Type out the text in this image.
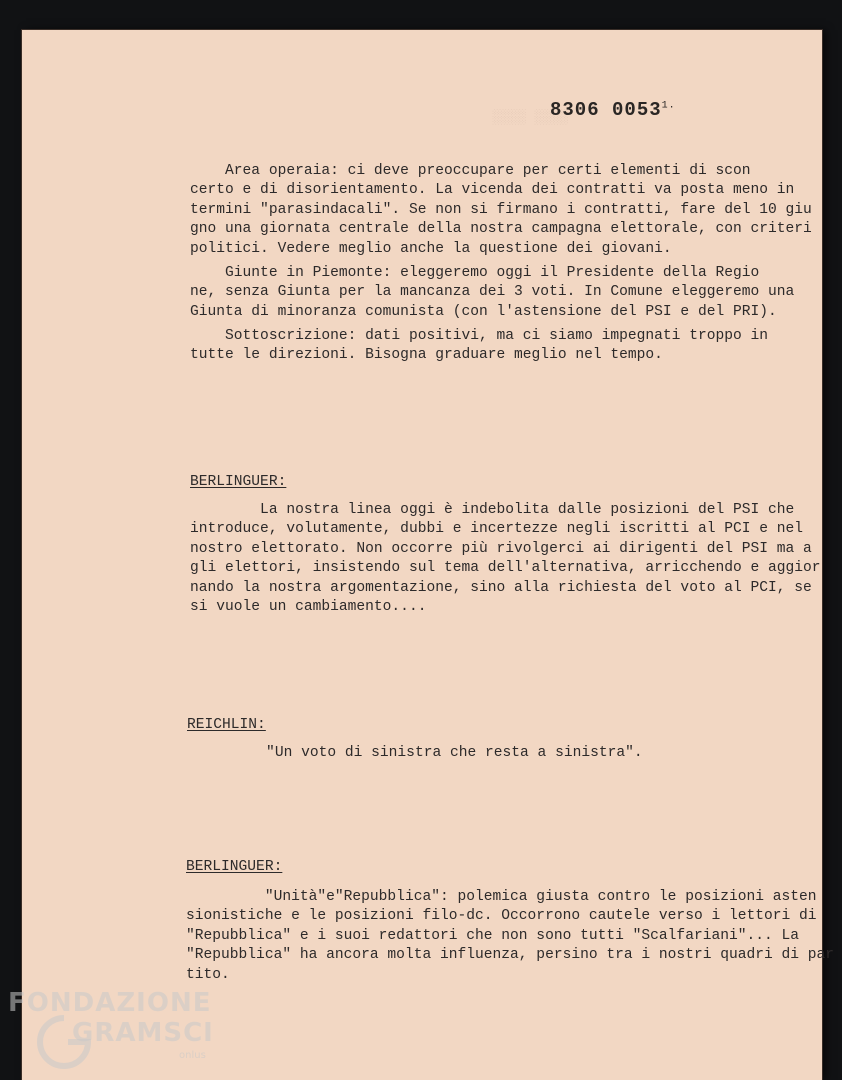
░░░░ ░░░░
8306 $0053^{1.}$
Area operaia: ci deve preoccupare per certi elementi di scon
certo e di disorientamento. La vicenda dei contratti va posta meno
termini "parasindacali". Se non si firmano i contratti, fare del 10
gno una giornata centrale della nostra campagna elettorale, con
politici. Vedere meglio anche la questione dei giovani.
Giunte in Piemonte: eleggeremo oggi il Presidente della Regio
ne, senza Giunta per la mancanza dei 3 voti. In Comune eleggeremo
Giunta di minoranza comunista (con l'astensione del PSI e del PRI).
Sottoscrizione: dati positivi, ma ci siamo impegnati troppo in
tutte le direzioni. Bisogna graduare meglio nel tempo.
BERLINGUER:
La nostra linea oggi è indebolita dalle posizioni del PSI
introduce, volutamente, dubbi e incertezze negli iscritti al PCI e
nostro elettorato. Non occorre più rivolgerci ai dirigenti del PSI
gli elettori, insistendo sul tema dell'alternativa, arricchendo e
nando la nostra argomentazione, sino alla richiesta del voto al PCI,
si vuole un cambiamento....
REICHLIN:
"Un voto di sinistra che resta a sinistra".
BERLINGUER:
"Unità"e"Repubblica": polemica giusta contro le posizioni
sionistiche e le posizioni filo-dc. Occorrono cautele verso i lettori
"Repubblica" e i suoi redattori che non sono tutti "Scalfariani"...
"Repubblica" ha ancora molta influenza, persino tra i nostri quadri
tito.
FONDAZIONE
GRAMSCI
onlus
